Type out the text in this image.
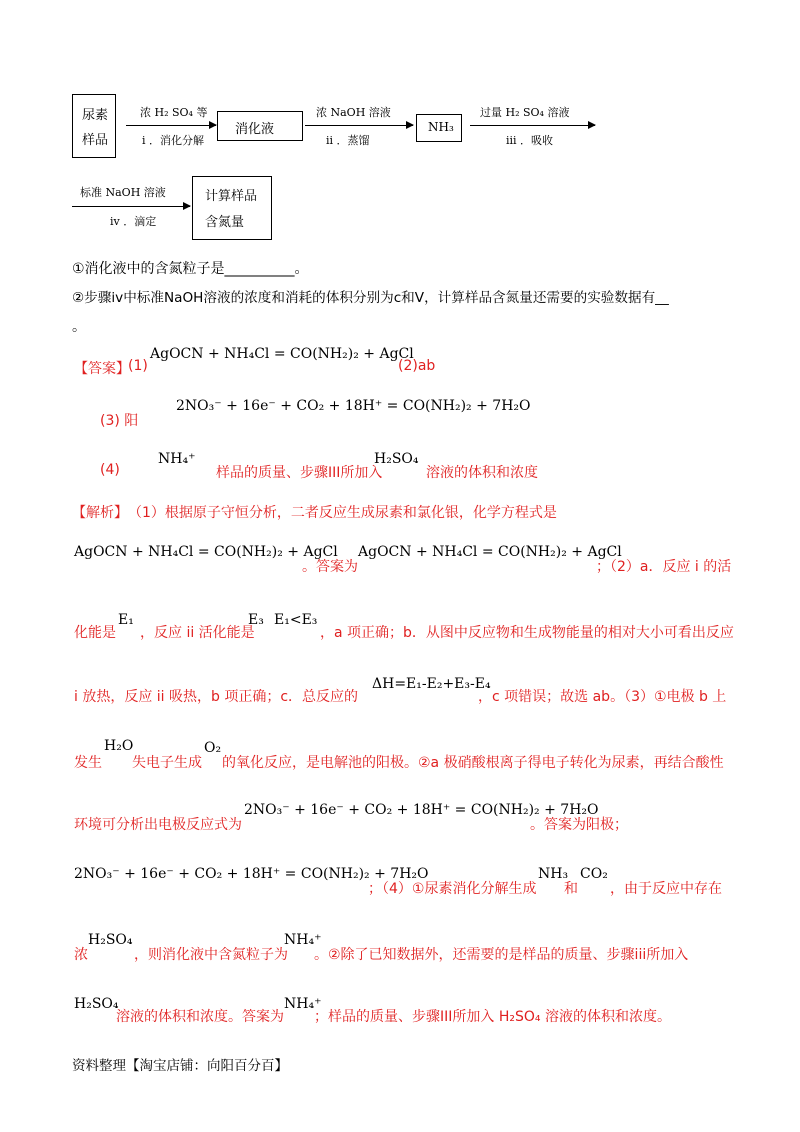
尿素
样品
浓 H₂ SO₄ 等
i ．消化分解
消化液
浓 NaOH 溶液
ii ．蒸馏
NH₃
过量 H₂ SO₄ 溶液
iii ．吸收
标准 NaOH 溶液
iv ．滴定
计算样品
含氮量
①消化液中的含氮粒子是__________。
②步骤iv中标准NaOH溶液的浓度和消耗的体积分别为c和V，计算样品含氮量还需要的实验数据有__
。
【答案】
(1)
AgOCN + NH₄Cl = CO(NH₂)₂ + AgCl
(2)ab
(3) 阳
2NO₃⁻ + 16e⁻ + CO₂ + 18H⁺ = CO(NH₂)₂ + 7H₂O
(4)
NH₄⁺
样品的质量、步骤III所加入
H₂SO₄
溶液的体积和浓度
【解析】 （1）根据原子守恒分析，二者反应生成尿素和氯化银，化学方程式是
AgOCN + NH₄Cl = CO(NH₂)₂ + AgCl
。答案为
AgOCN + NH₄Cl = CO(NH₂)₂ + AgCl
；（2）a．反应 i 的活
化能是
E₁
，反应 ii 活化能是
E₃ E₁<E₃
，a 项正确；b．从图中反应物和生成物能量的相对大小可看出反应
i 放热，反应 ii 吸热，b 项正确；c．总反应的
ΔH=E₁-E₂+E₃-E₄
，c 项错误；故选 ab。（3）①电极 b 上
发生
H₂O
失电子生成
O₂
的氧化反应，是电解池的阳极。②a 极硝酸根离子得电子转化为尿素，再结合酸性
环境可分析出电极反应式为
2NO₃⁻ + 16e⁻ + CO₂ + 18H⁺ = CO(NH₂)₂ + 7H₂O
。答案为阳极；
2NO₃⁻ + 16e⁻ + CO₂ + 18H⁺ = CO(NH₂)₂ + 7H₂O
；（4）①尿素消化分解生成
NH₃
和
CO₂
，由于反应中存在
浓
H₂SO₄
，则消化液中含氮粒子为
NH₄⁺
。②除了已知数据外，还需要的是样品的质量、步骤iii所加入
H₂SO₄
溶液的体积和浓度。答案为
NH₄⁺
；样品的质量、步骤III所加入 H₂SO₄ 溶液的体积和浓度。
资料整理【淘宝店铺：向阳百分百】
